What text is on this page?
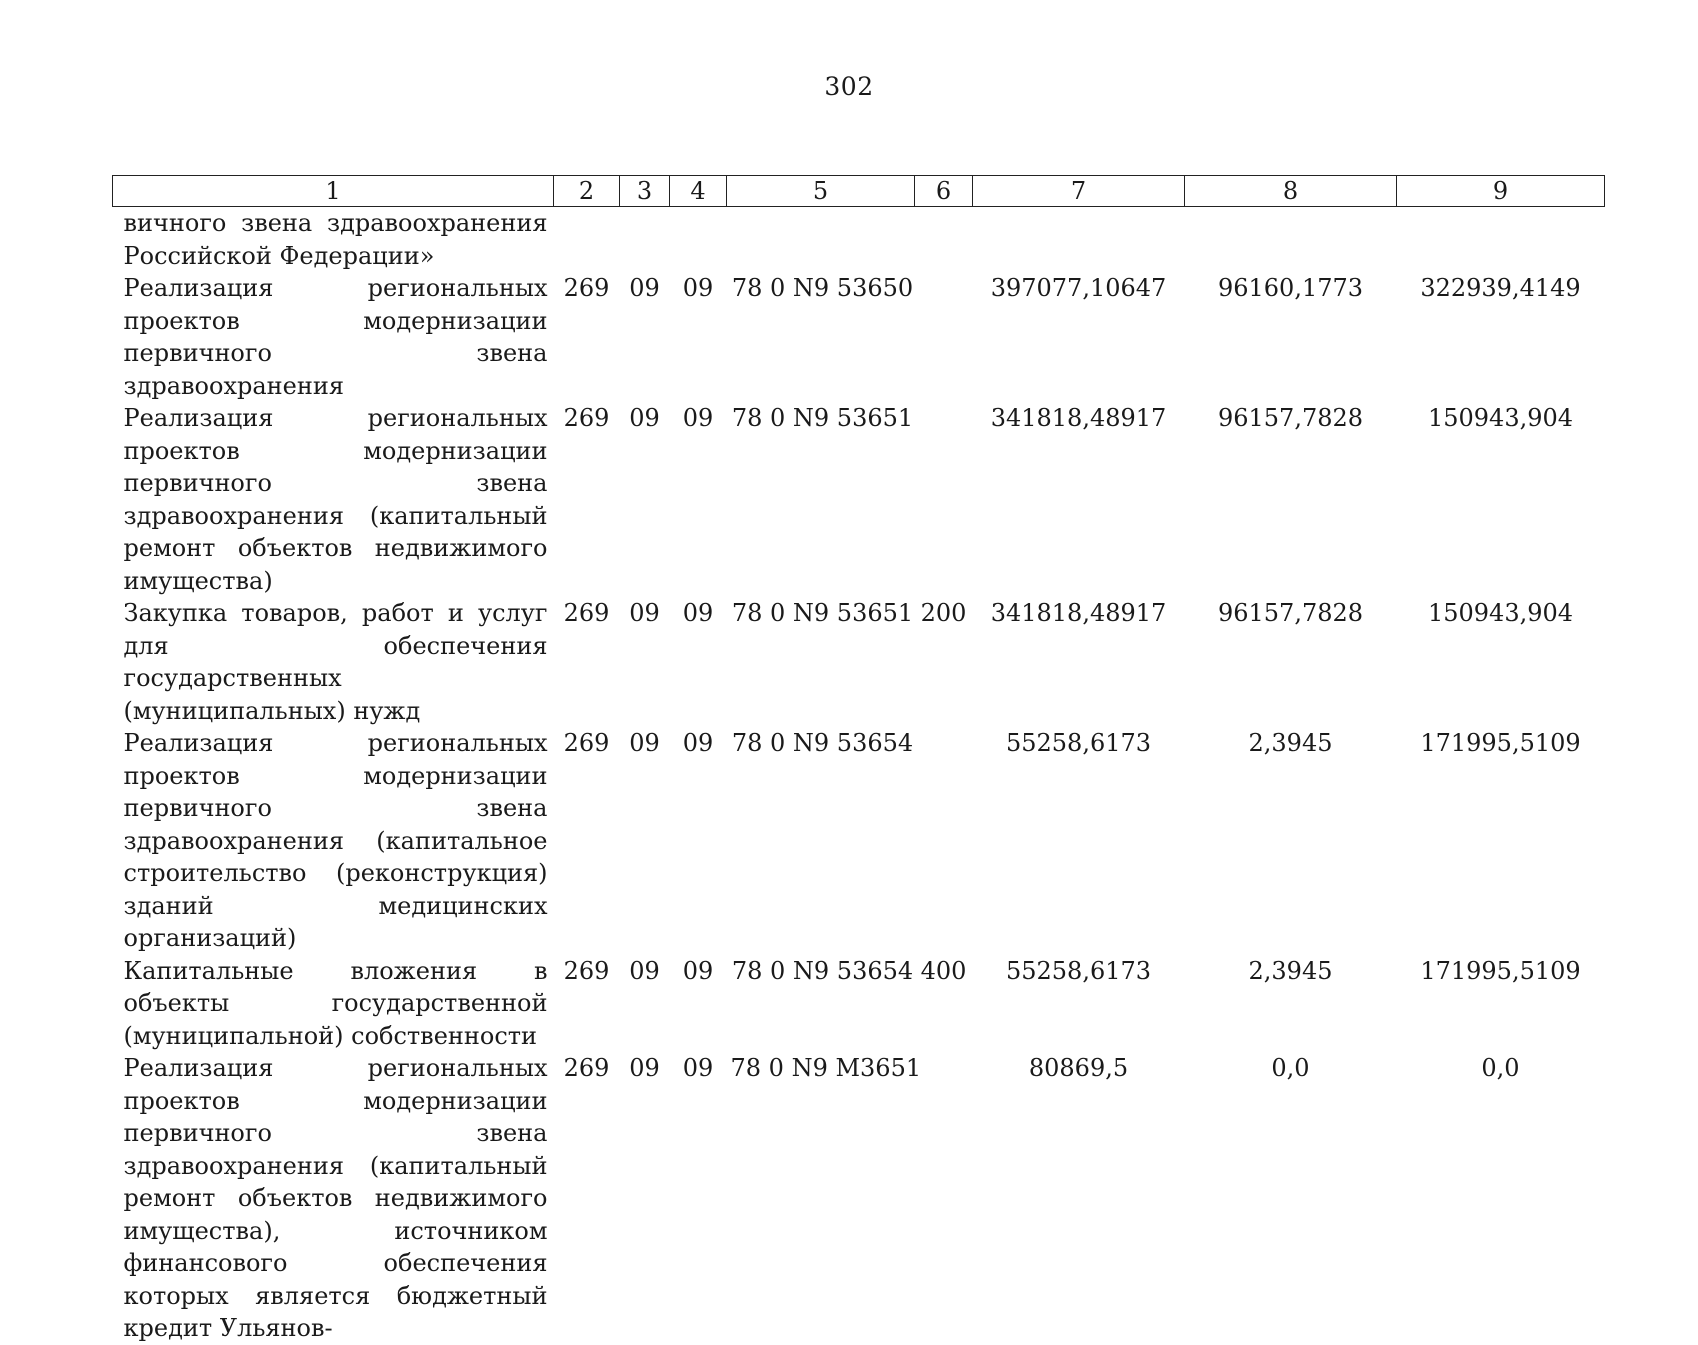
302
1	2	3	4	5	6	7	8	9
вичного звена здравоохранения Российской Федерации»								
Реализация региональных проектов модернизации первичного звена здравоохранения	269	09	09	78 0 N9 53650		397077,10647	96160,1773	322939,4149
Реализация региональных проектов модернизации первичного звена здравоохранения (капитальный ремонт объектов недвижимого имущества)	269	09	09	78 0 N9 53651		341818,48917	96157,7828	150943,904
Закупка товаров, работ и услуг для обеспечения государственных (муниципальных) нужд	269	09	09	78 0 N9 53651	200	341818,48917	96157,7828	150943,904
Реализация региональных проектов модернизации первичного звена здравоохранения (капитальное строительство (реконструкция) зданий медицинских организаций)	269	09	09	78 0 N9 53654		55258,6173	2,3945	171995,5109
Капитальные вложения в объекты государственной (муниципальной) собственности	269	09	09	78 0 N9 53654	400	55258,6173	2,3945	171995,5109
Реализация региональных проектов модернизации первичного звена здравоохранения (капитальный ремонт объектов недвижимого имущества), источником финансового обеспечения которых является бюджетный кредит Ульянов-	269	09	09	78 0 N9 M3651		80869,5	0,0	0,0
